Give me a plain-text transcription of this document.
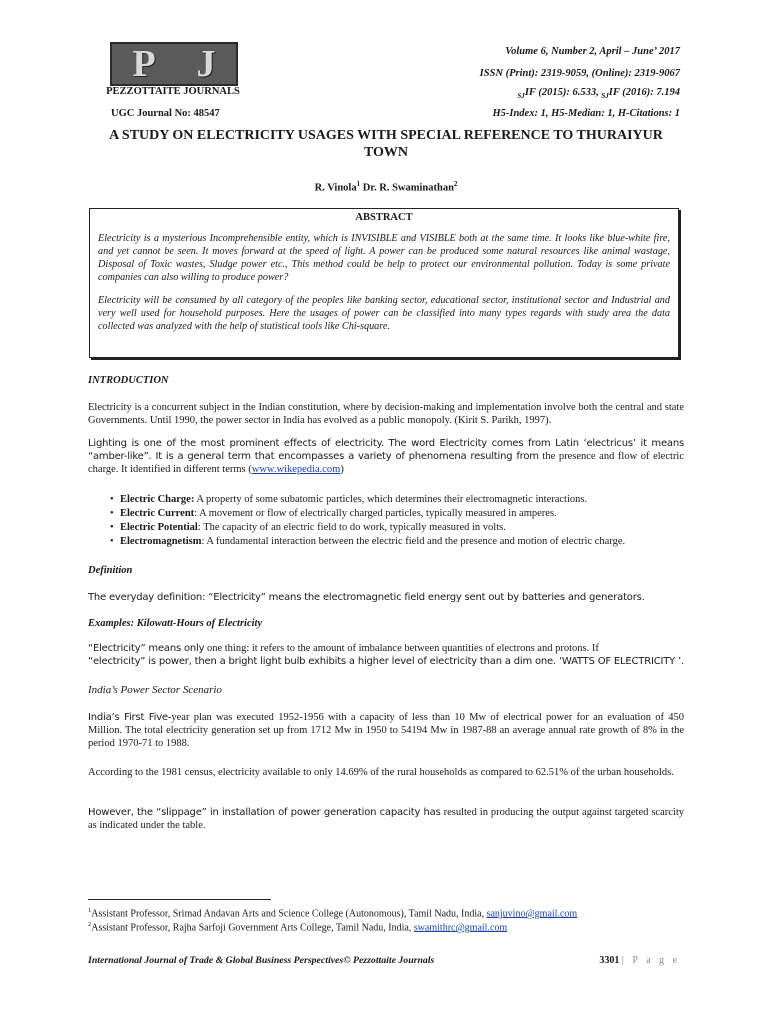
P J
PEZZOTTAITE JOURNALS
UGC Journal No: 48547
Volume 6, Number 2, April – June’ 2017
ISSN (Print): 2319-9059, (Online): 2319-9067
$_{SJ}$IF (2015): 6.533, $_{SJ}$IF (2016): 7.194
H5-Index: 1, H5-Median: 1, H-Citations: 1
A STUDY ON ELECTRICITY USAGES WITH SPECIAL REFERENCE TO THURAIYUR TOWN
R. Vinola$^1$ Dr. R. Swaminathan$^2$
ABSTRACT

Electricity is a mysterious Incomprehensible entity, which is INVISIBLE and VISIBLE both at the same time. It looks like blue-white fire, and yet cannot be seen. It moves forward at the speed of light. A power can be produced some natural resources like animal wastage, Disposal of Toxic wastes, Sludge power etc., This method could be help to protect our environmental pollution. Today is some private companies can also willing to produce power?

Electricity will be consumed by all category of the peoples like banking sector, educational sector, institutional sector and Industrial and very well used for household purposes. Here the usages of power can be classified into many types regards with study area the data collected was analyzed with the help of statistical tools like Chi-square.

INTRODUCTION
Electricity is a concurrent subject in the Indian constitution, where by decision-making and implementation involve both the central and state Governments. Until 1990, the power sector in India has evolved as a public monopoly. (Kirit S. Parikh, 1997).
Lighting is one of the most prominent effects of electricity. The word Electricity comes from Latin ‘electricus’ it means “amber-like”. It is a general term that encompasses a variety of phenomena resulting from the presence and flow of electric charge. It identified in different terms (www.wikepedia.com)
• Electric Charge: A property of some subatomic particles, which determines their electromagnetic interactions.
• Electric Current: A movement or flow of electrically charged particles, typically measured in amperes.
• Electric Potential: The capacity of an electric field to do work, typically measured in volts.
• Electromagnetism: A fundamental interaction between the electric field and the presence and motion of electric charge.
Definition
The everyday definition: “Electricity” means the electromagnetic field energy sent out by batteries and generators.
Examples: Kilowatt-Hours of Electricity
“Electricity” means only one thing: it refers to the amount of imbalance between quantities of electrons and protons. If
“electricity” is power, then a bright light bulb exhibits a higher level of electricity than a dim one. ‘WATTS OF ELECTRICITY ’.
India’s Power Sector Scenario
India’s First Five-year plan was executed 1952-1956 with a capacity of less than 10 Mw of electrical power for an evaluation of 450 Million. The total electricity generation set up from 1712 Mw in 1950 to 54194 Mw in 1987-88 an average annual rate growth of 8% in the period 1970-71 to 1988.
According to the 1981 census, electricity available to only 14.69% of the rural households as compared to 62.51% of the urban households.
However, the “slippage” in installation of power generation capacity has resulted in producing the output against targeted scarcity as indicated under the table.
$^1$Assistant Professor, Srimad Andavan Arts and Science College (Autonomous), Tamil Nadu, India, sanjuvino@gmail.com
$^2$Assistant Professor, Rajha Sarfoji Government Arts College, Tamil Nadu, India, swamithrc@gmail.com
International Journal of Trade & Global Business Perspectives© Pezzottaite Journals	3301 | P a g e
